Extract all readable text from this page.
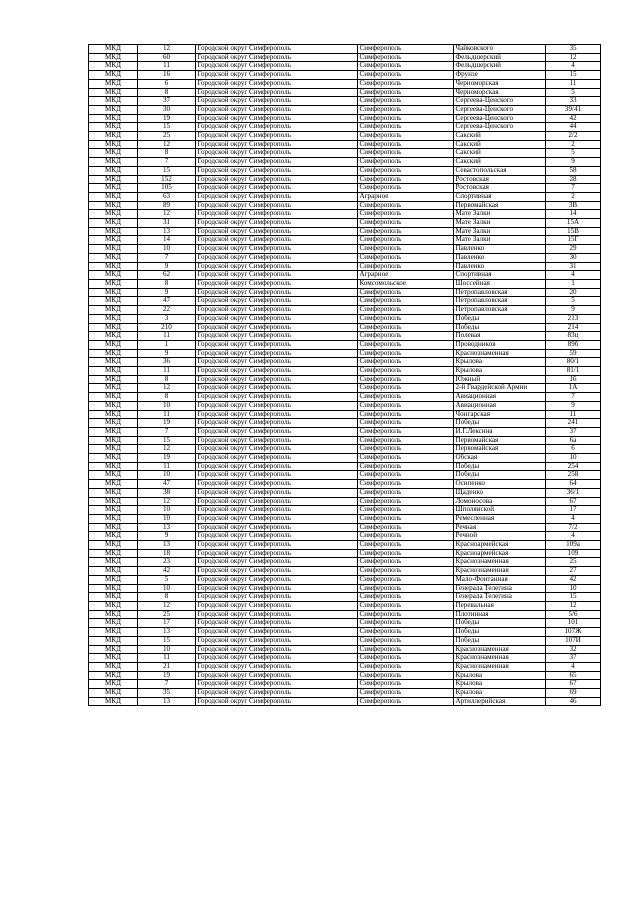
МКД	12	Городской округ Симферополь	Симферополь	Чайковского	35
МКД	60	Городской округ Симферополь	Симферополь	Фельдшерский	12
МКД	11	Городской округ Симферополь	Симферополь	Фельдшерский	4
МКД	16	Городской округ Симферополь	Симферополь	Фрунзе	15
МКД	6	Городской округ Симферополь	Симферополь	Черноморская	11
МКД	8	Городской округ Симферополь	Симферополь	Черноморская	5
МКД	37	Городской округ Симферополь	Симферополь	Сергеева-Ценского	33
МКД	30	Городской округ Симферополь	Симферополь	Сергеева-Ценского	39/41
МКД	19	Городской округ Симферополь	Симферополь	Сергеева-Ценского	42
МКД	15	Городской округ Симферополь	Симферополь	Сергеева-Ценского	44
МКД	25	Городской округ Симферополь	Симферополь	Сакский	2/2
МКД	12	Городской округ Симферополь	Симферополь	Сакский	2
МКД	8	Городской округ Симферополь	Симферополь	Сакский	5
МКД	7	Городской округ Симферополь	Симферополь	Сакский	9
МКД	15	Городской округ Симферополь	Симферополь	Севастопольская	58
МКД	152	Городской округ Симферополь	Симферополь	Ростовская	28
МКД	105	Городской округ Симферополь	Симферополь	Ростовская	7
МКД	63	Городской округ Симферополь	Аграрное	Спортивная	2
МКД	89	Городской округ Симферополь	Симферополь	Первомайская	3В
МКД	12	Городской округ Симферополь	Симферополь	Мате Залки	14
МКД	31	Городской округ Симферополь	Симферополь	Мате Залки	15А
МКД	13	Городской округ Симферополь	Симферополь	Мате Залки	15В
МКД	14	Городской округ Симферополь	Симферополь	Мате Залки	15Г
МКД	10	Городской округ Симферополь	Симферополь	Павленко	29
МКД	7	Городской округ Симферополь	Симферополь	Павленко	30
МКД	9	Городской округ Симферополь	Симферополь	Павленко	31
МКД	62	Городской округ Симферополь	Аграрное	Спортивная	4
МКД	8	Городской округ Симферополь	Комсомольское	Шоссейная	1
МКД	9	Городской округ Симферополь	Симферополь	Петропавловская	20
МКД	47	Городской округ Симферополь	Симферополь	Петропавловская	5
МКД	22	Городской округ Симферополь	Симферополь	Петропавловская	9
МКД	3	Городской округ Симферополь	Симферополь	Победы	213
МКД	210	Городской округ Симферополь	Симферополь	Победы	214
МКД	11	Городской округ Симферополь	Симферополь	Полевая	83ц
МКД	1	Городской округ Симферополь	Симферополь	Проводников	89б
МКД	9	Городской округ Симферополь	Симферополь	Краснознаменная	59
МКД	36	Городской округ Симферополь	Симферополь	Крылова	80/1
МКД	11	Городской округ Симферополь	Симферополь	Крылова	81/1
МКД	8	Городской округ Симферополь	Симферополь	Южный	16
МКД	12	Городской округ Симферополь	Симферополь	2-й Гвардейской Армии	1А
МКД	8	Городской округ Симферополь	Симферополь	Авиационная	7
МКД	10	Городской округ Симферополь	Симферополь	Авиационная	9
МКД	11	Городской округ Симферополь	Симферополь	Чонгарская	11
МКД	19	Городской округ Симферополь	Симферополь	Победы	241
МКД	7	Городской округ Симферополь	Симферополь	И.Г.Лексина	37
МКД	15	Городской округ Симферополь	Симферополь	Первомайская	6а
МКД	12	Городской округ Симферополь	Симферополь	Первомайская	6
МКД	19	Городской округ Симферополь	Симферополь	Обская	10
МКД	11	Городской округ Симферополь	Симферополь	Победы	254
МКД	10	Городской округ Симферополь	Симферополь	Победы	258
МКД	47	Городской округ Симферополь	Симферополь	Осипенко	64
МКД	38	Городской округ Симферополь	Симферополь	Щаденко	36/1
МКД	12	Городской округ Симферополь	Симферополь	Ломоносова	67
МКД	10	Городской округ Симферополь	Симферополь	Шполянской	17
МКД	10	Городской округ Симферополь	Симферополь	Ремесленная	4
МКД	13	Городской округ Симферополь	Симферополь	Речная	7/2
МКД	9	Городской округ Симферополь	Симферополь	Речной	4
МКД	13	Городской округ Симферополь	Симферополь	Красноармейская	109а
МКД	18	Городской округ Симферополь	Симферополь	Красноармейская	109
МКД	23	Городской округ Симферополь	Симферополь	Краснознаменная	25
МКД	42	Городской округ Симферополь	Симферополь	Краснознаменная	27
МКД	5	Городской округ Симферополь	Симферополь	Мало-Фонтанная	42
МКД	10	Городской округ Симферополь	Симферополь	Генерала Телегина	10
МКД	8	Городской округ Симферополь	Симферополь	Генерала Телегина	15
МКД	12	Городской округ Симферополь	Симферополь	Перевальная	12
МКД	25	Городской округ Симферополь	Симферополь	Плотинная	5/6
МКД	17	Городской округ Симферополь	Симферополь	Победы	101
МКД	13	Городской округ Симферополь	Симферополь	Победы	107Ж
МКД	15	Городской округ Симферополь	Симферополь	Победы	107И
МКД	10	Городской округ Симферополь	Симферополь	Краснознаменная	32
МКД	11	Городской округ Симферополь	Симферополь	Краснознаменная	37
МКД	21	Городской округ Симферополь	Симферополь	Краснознаменная	4
МКД	19	Городской округ Симферополь	Симферополь	Крылова	65
МКД	7	Городской округ Симферополь	Симферополь	Крылова	67
МКД	35	Городской округ Симферополь	Симферополь	Крылова	69
МКД	13	Городской округ Симферополь	Симферополь	Артиллерийская	46
